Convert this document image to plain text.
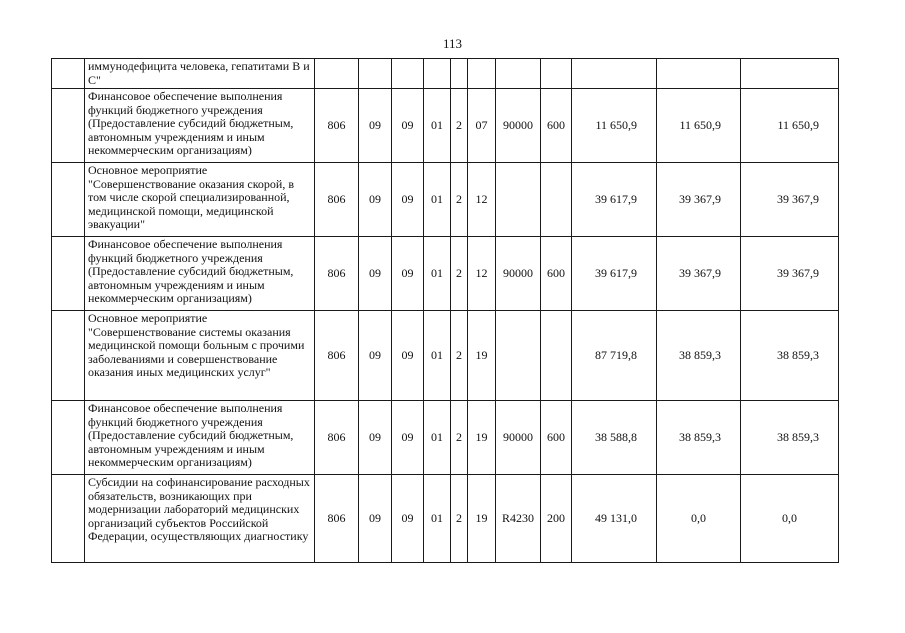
113
	иммунодефицита человека, гепатитами В и С"											
	Финансовое обеспечение выполнения функций бюджетного учреждения (Предоставление субсидий бюджетным, автономным учреждениям и иным некоммерческим организациям)	806	09	09	01	2	07	90000	600	11 650,9	11 650,9	11 650,9
	Основное мероприятие "Совершенствование оказания скорой, в том числе скорой специализированной, медицинской помощи, медицинской эвакуации"	806	09	09	01	2	12			39 617,9	39 367,9	39 367,9
	Финансовое обеспечение выполнения функций бюджетного учреждения (Предоставление субсидий бюджетным, автономным учреждениям и иным некоммерческим организациям)	806	09	09	01	2	12	90000	600	39 617,9	39 367,9	39 367,9
	Основное мероприятие "Совершенствование системы оказания медицинской помощи больным с прочими заболеваниями и совершенствование оказания иных медицинских услуг"	806	09	09	01	2	19			87 719,8	38 859,3	38 859,3
	Финансовое обеспечение выполнения функций бюджетного учреждения (Предоставление субсидий бюджетным, автономным учреждениям и иным некоммерческим организациям)	806	09	09	01	2	19	90000	600	38 588,8	38 859,3	38 859,3
	Субсидии на софинансирование расходных обязательств, возникающих при модернизации лабораторий медицинских организаций субъектов Российской Федерации, осуществляющих диагностику	806	09	09	01	2	19	R4230	200	49 131,0	0,0	0,0
